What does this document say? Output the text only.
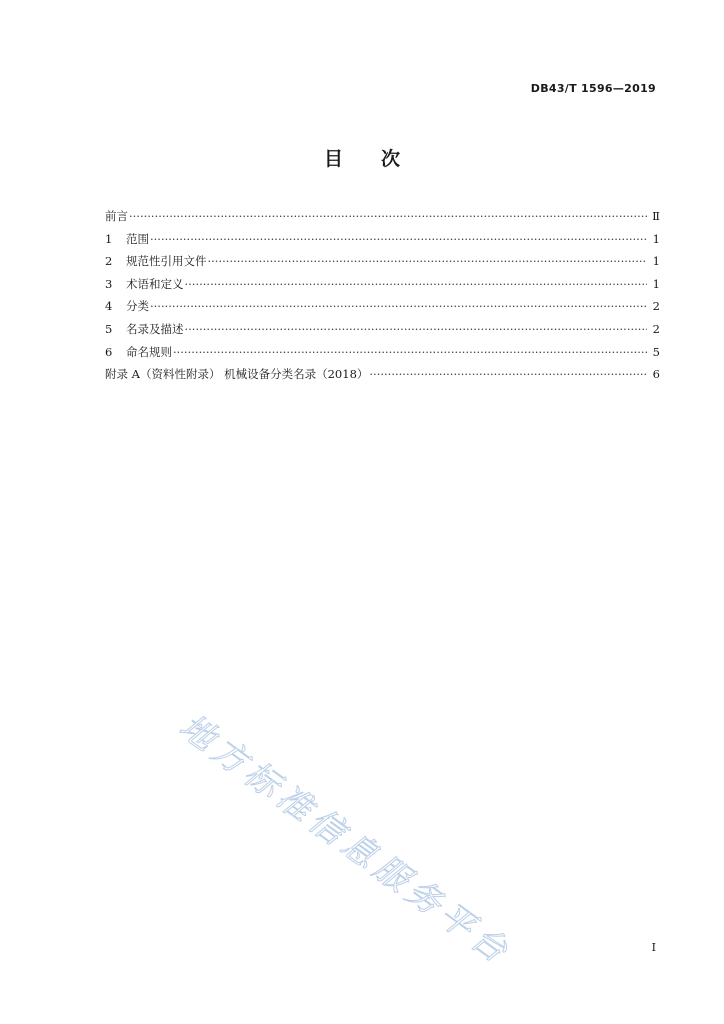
DB43/T 1596—2019
目 次
前言 ·····	Ⅱ
1	范围 ·····	1
2	规范性引用文件 ·····	1
3	术语和定义 ·····	1
4	分类 ·····	2
5	名录及描述 ·····	2
6	命名规则 ·····	5
附录 A（资料性附录） 机械设备分类名录（2018） ·····	6
地方标准信息服务平台	I
